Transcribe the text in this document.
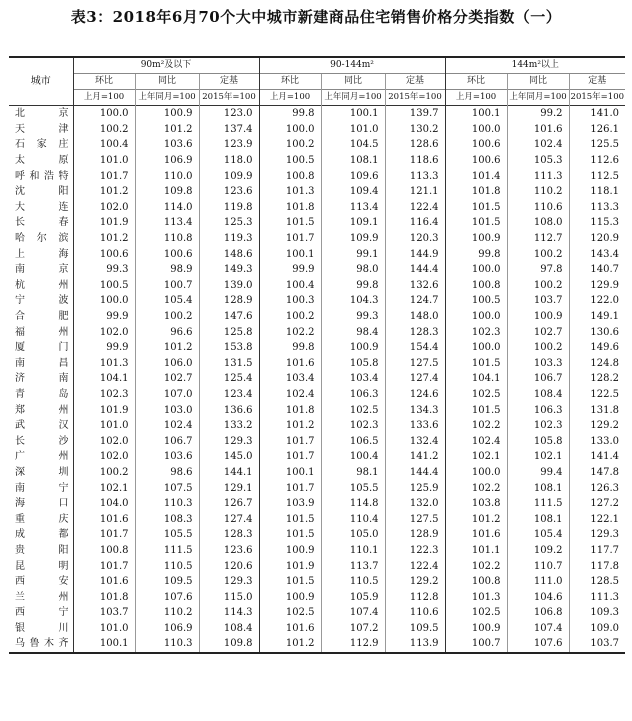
表3：2018年6月70个大中城市新建商品住宅销售价格分类指数（一）
城市	90m²及以下			90-144m²			144m²以上		
	环比	同比	定基	环比	同比	定基	环比	同比	定基
	上月=100	上年同月=100	2015年=100	上月=100	上年同月=100	2015年=100	上月=100	上年同月=100	2015年=100
北京	100.0	100.9	123.0	99.8	100.1	139.7	100.1	99.2	141.0
天津	100.2	101.2	137.4	100.0	101.0	130.2	100.0	101.6	126.1
石家庄	100.4	103.6	123.9	100.2	104.5	128.6	100.6	102.4	125.5
太原	101.0	106.9	118.0	100.5	108.1	118.6	100.6	105.3	112.6
呼和浩特	101.7	110.0	109.9	100.8	109.6	113.3	101.4	111.3	112.5
沈阳	101.2	109.8	123.6	101.3	109.4	121.1	101.8	110.2	118.1
大连	102.0	114.0	119.8	101.8	113.4	122.4	101.5	110.6	113.3
长春	101.9	113.4	125.3	101.5	109.1	116.4	101.5	108.0	115.3
哈尔滨	101.2	110.8	119.3	101.7	109.9	120.3	100.9	112.7	120.9
上海	100.6	100.6	148.6	100.1	99.1	144.9	99.8	100.2	143.4
南京	99.3	98.9	149.3	99.9	98.0	144.4	100.0	97.8	140.7
杭州	100.5	100.7	139.0	100.4	99.8	132.6	100.8	100.2	129.9
宁波	100.0	105.4	128.9	100.3	104.3	124.7	100.5	103.7	122.0
合肥	99.9	100.2	147.6	100.2	99.3	148.0	100.0	100.9	149.1
福州	102.0	96.6	125.8	102.2	98.4	128.3	102.3	102.7	130.6
厦门	99.9	101.2	153.8	99.8	100.9	154.4	100.0	100.2	149.6
南昌	101.3	106.0	131.5	101.6	105.8	127.5	101.5	103.3	124.8
济南	104.1	102.7	125.4	103.4	103.4	127.4	104.1	106.7	128.2
青岛	102.3	107.0	123.4	102.4	106.3	124.6	102.5	108.4	122.5
郑州	101.9	103.0	136.6	101.8	102.5	134.3	101.5	106.3	131.8
武汉	101.0	102.4	133.2	101.2	102.3	133.6	102.2	102.3	129.2
长沙	102.0	106.7	129.3	101.7	106.5	132.4	102.4	105.8	133.0
广州	102.0	103.6	145.0	101.7	100.4	141.2	102.1	102.1	141.4
深圳	100.2	98.6	144.1	100.1	98.1	144.4	100.0	99.4	147.8
南宁	102.1	107.5	129.1	101.7	105.5	125.9	102.2	108.1	126.3
海口	104.0	110.3	126.7	103.9	114.8	132.0	103.8	111.5	127.2
重庆	101.6	108.3	127.4	101.5	110.4	127.5	101.2	108.1	122.1
成都	101.7	105.5	128.3	101.5	105.0	128.9	101.6	105.4	129.3
贵阳	100.8	111.5	123.6	100.9	110.1	122.3	101.1	109.2	117.7
昆明	101.7	110.5	120.6	101.9	113.7	122.4	102.2	110.7	117.8
西安	101.6	109.5	129.3	101.5	110.5	129.2	100.8	111.0	128.5
兰州	101.8	107.6	115.0	100.9	105.9	112.8	101.3	104.6	111.3
西宁	103.7	110.2	114.3	102.5	107.4	110.6	102.5	106.8	109.3
银川	101.0	106.9	108.4	101.6	107.2	109.5	100.9	107.4	109.0
乌鲁木齐	100.1	110.3	109.8	101.2	112.9	113.9	100.7	107.6	103.7
